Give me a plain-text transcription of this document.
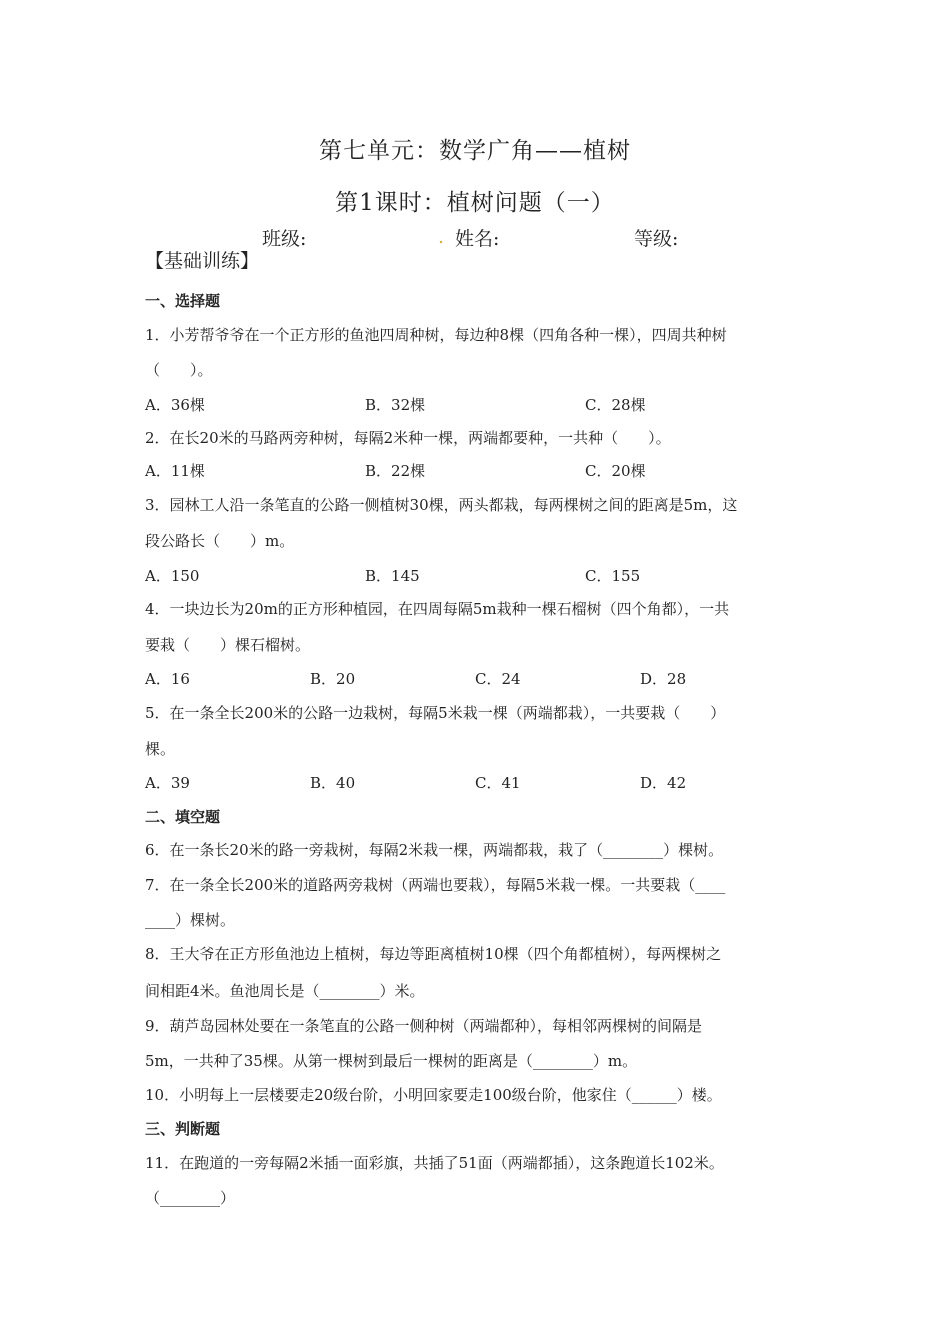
第七单元：数学广角——植树
第1课时：植树问题（一）
班级:	. 姓名:	等级:
【基础训练】
一、选择题
1．小芳帮爷爷在一个正方形的鱼池四周种树，每边种8棵（四角各种一棵），四周共种树
（　　）。
A．36棵	B．32棵	C．28棵
2．在长20米的马路两旁种树，每隔2米种一棵，两端都要种，一共种（　　）。
A．11棵	B．22棵	C．20棵
3．园林工人沿一条笔直的公路一侧植树30棵，两头都栽，每两棵树之间的距离是5m，这
段公路长（　　）m。
A．150	B．145	C．155
4．一块边长为20m的正方形种植园，在四周每隔5m栽种一棵石榴树（四个角都），一共
要栽（　　）棵石榴树。
A．16	B．20	C．24	D．28
5．在一条全长200米的公路一边栽树，每隔5米栽一棵（两端都栽），一共要栽（　　）
棵。
A．39	B．40	C．41	D．42
二、填空题
6．在一条长20米的路一旁栽树，每隔2米栽一棵，两端都栽，栽了（________）棵树。
7．在一条全长200米的道路两旁栽树（两端也要栽），每隔5米栽一棵。一共要栽（____
____）棵树。
8．王大爷在正方形鱼池边上植树，每边等距离植树10棵（四个角都植树），每两棵树之
间相距4米。鱼池周长是（________）米。
9．葫芦岛园林处要在一条笔直的公路一侧种树（两端都种），每相邻两棵树的间隔是
5m，一共种了35棵。从第一棵树到最后一棵树的距离是（________）m。
10．小明每上一层楼要走20级台阶，小明回家要走100级台阶，他家住（______）楼。
三、判断题
11．在跑道的一旁每隔2米插一面彩旗，共插了51面（两端都插），这条跑道长102米。
（________）
